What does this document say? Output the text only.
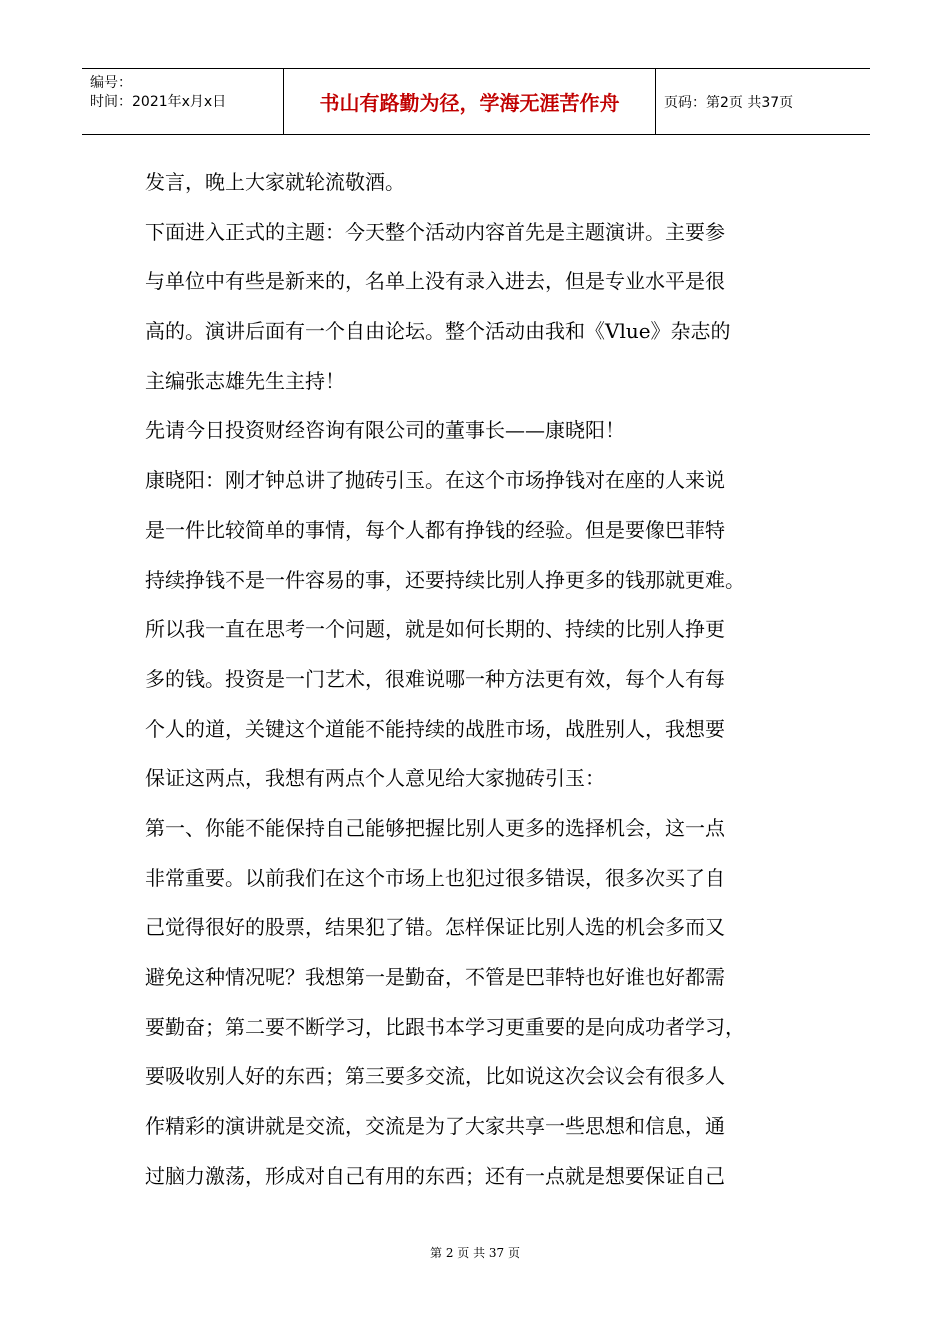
编号：
时间：2021年x月x日	书山有路勤为径，学海无涯苦作舟	页码：第2页 共37页
发言，晚上大家就轮流敬酒。
下面进入正式的主题：今天整个活动内容首先是主题演讲。主要参
与单位中有些是新来的，名单上没有录入进去，但是专业水平是很
高的。演讲后面有一个自由论坛。整个活动由我和《Vlue》杂志的
主编张志雄先生主持！
先请今日投资财经咨询有限公司的董事长——康晓阳！
康晓阳：刚才钟总讲了抛砖引玉。在这个市场挣钱对在座的人来说
是一件比较简单的事情，每个人都有挣钱的经验。但是要像巴菲特
持续挣钱不是一件容易的事，还要持续比别人挣更多的钱那就更难。
所以我一直在思考一个问题，就是如何长期的、持续的比别人挣更
多的钱。投资是一门艺术，很难说哪一种方法更有效，每个人有每
个人的道，关键这个道能不能持续的战胜市场，战胜别人，我想要
保证这两点，我想有两点个人意见给大家抛砖引玉：
第一、你能不能保持自己能够把握比别人更多的选择机会，这一点
非常重要。以前我们在这个市场上也犯过很多错误，很多次买了自
己觉得很好的股票，结果犯了错。怎样保证比别人选的机会多而又
避免这种情况呢？我想第一是勤奋，不管是巴菲特也好谁也好都需
要勤奋；第二要不断学习，比跟书本学习更重要的是向成功者学习，
要吸收别人好的东西；第三要多交流，比如说这次会议会有很多人
作精彩的演讲就是交流，交流是为了大家共享一些思想和信息，通
过脑力激荡，形成对自己有用的东西；还有一点就是想要保证自己
第 2 页 共 37 页
